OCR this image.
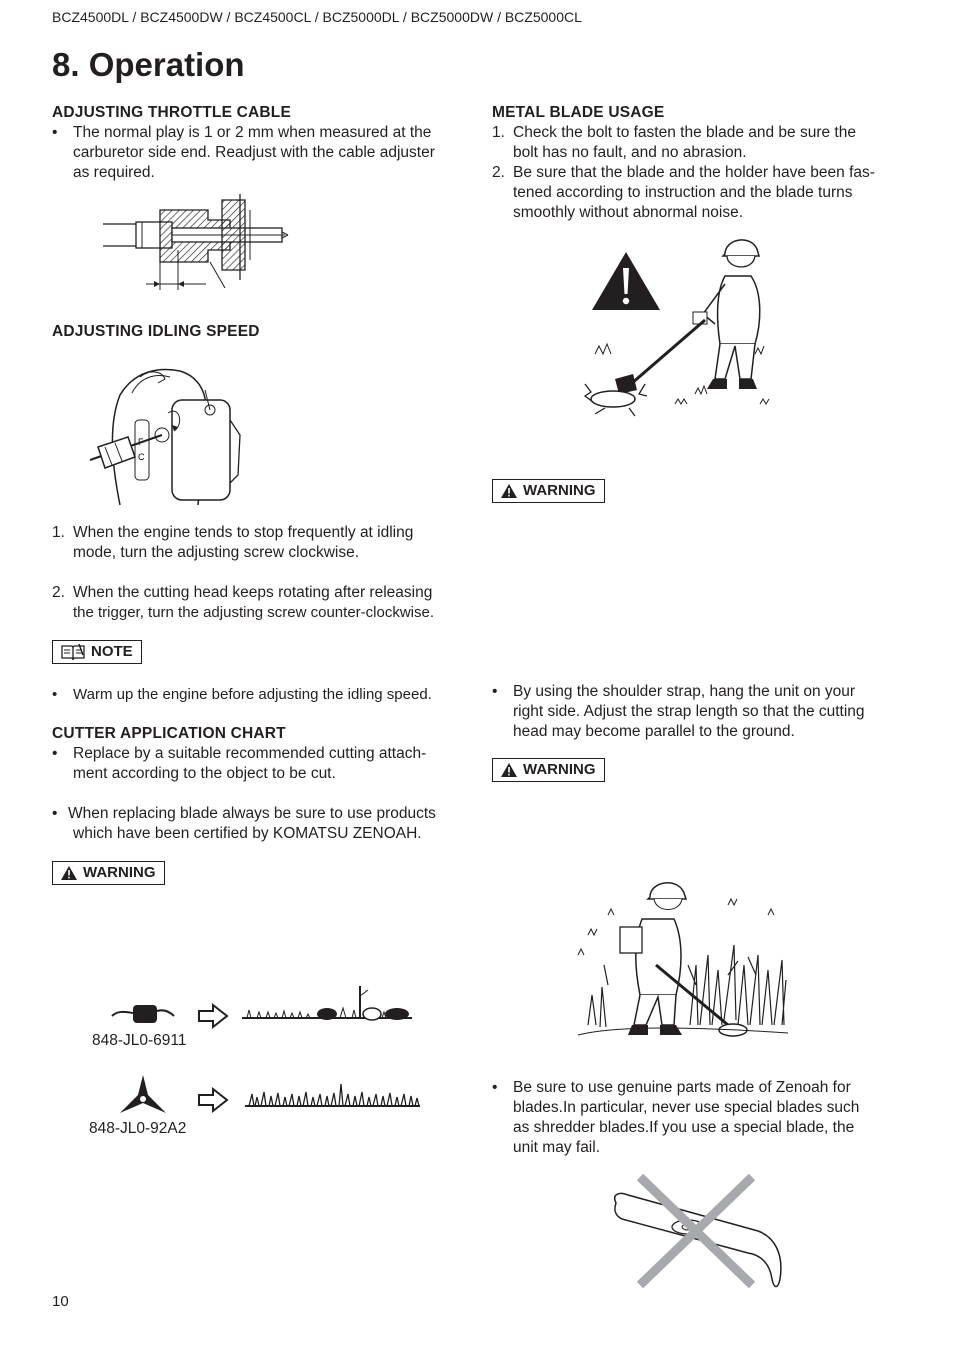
BCZ4500DL / BCZ4500DW / BCZ4500CL / BCZ5000DL / BCZ5000DW / BCZ5000CL
8. Operation
ADJUSTING THROTTLE CABLE
• The normal play is 1 or 2 mm when measured at the
carburetor side end. Readjust with the cable adjuster
as required.
ADJUSTING IDLING SPEED
C
1. When the engine tends to stop frequently at idling
mode, turn the adjusting screw clockwise.
2. When the cutting head keeps rotating after releasing
the trigger, turn the adjusting screw counter-clockwise.
NOTE
• Warm up the engine before adjusting the idling speed.
CUTTER APPLICATION CHART
• Replace by a suitable recommended cutting attach-
ment according to the object to be cut.
• When replacing blade always be sure to use products
which have been certified by KOMATSU ZENOAH.
WARNING
848-JL0-6911
848-JL0-92A2
METAL BLADE USAGE
1. Check the bolt to fasten the blade and be sure the
bolt has no fault, and no abrasion.
2. Be sure that the blade and the holder have been fas-
tened according to instruction and the blade turns
smoothly without abnormal noise.
WARNING
• By using the shoulder strap, hang the unit on your
right side. Adjust the strap length so that the cutting
head may become parallel to the ground.
WARNING
• Be sure to use genuine parts made of Zenoah for
blades.In particular, never use special blades such
as shredder blades.If you use a special blade, the
unit may fail.
10
